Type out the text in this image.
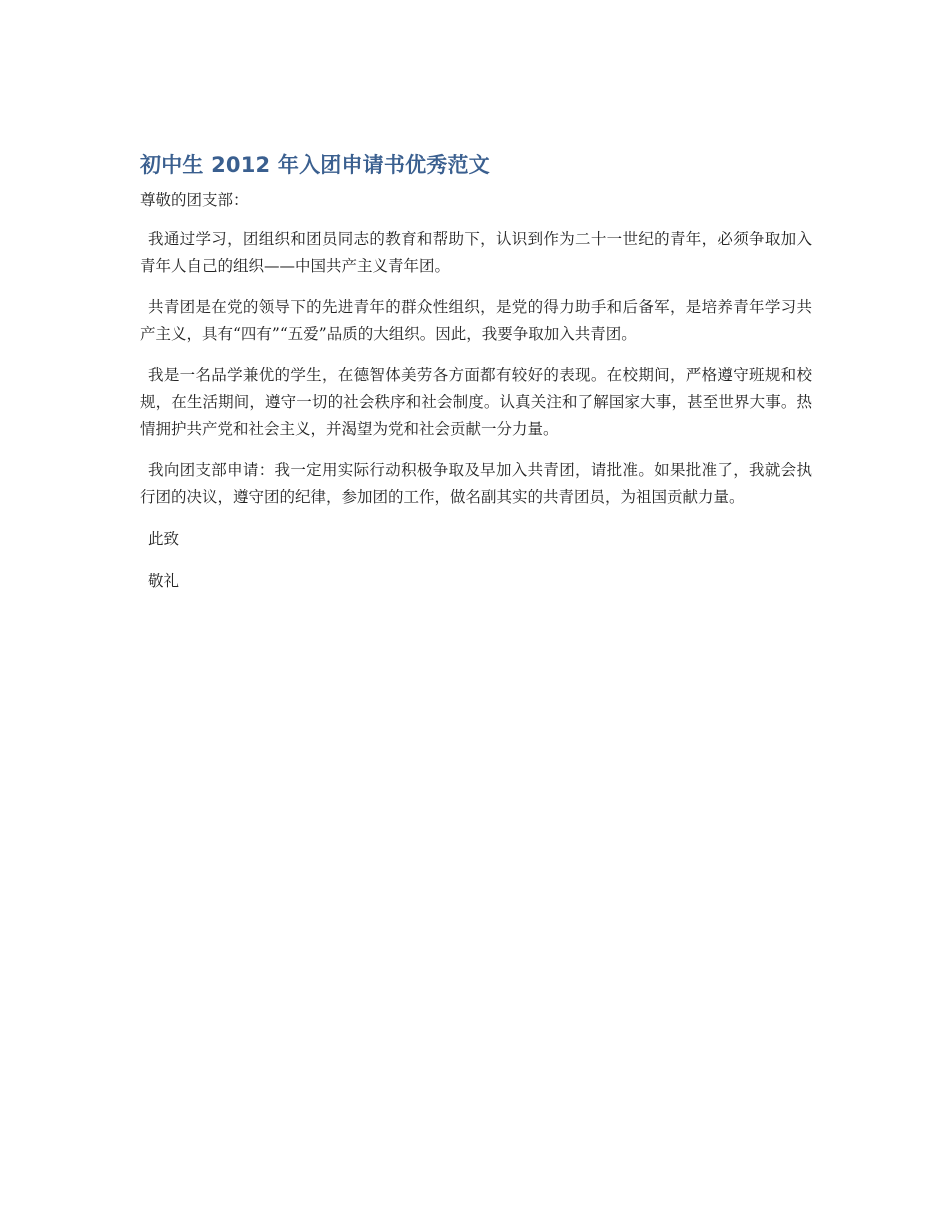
初中生 2012 年入团申请书优秀范文

尊敬的团支部：

我通过学习，团组织和团员同志的教育和帮助下，认识到作为二十一世纪的青年，必须争取加入青年人自己的组织——中国共产主义青年团。

共青团是在党的领导下的先进青年的群众性组织，是党的得力助手和后备军，是培养青年学习共产主义，具有“四有”“五爱”品质的大组织。因此，我要争取加入共青团。

我是一名品学兼优的学生，在德智体美劳各方面都有较好的表现。在校期间，严格遵守班规和校规，在生活期间，遵守一切的社会秩序和社会制度。认真关注和了解国家大事，甚至世界大事。热情拥护共产党和社会主义，并渴望为党和社会贡献一分力量。

我向团支部申请：我一定用实际行动积极争取及早加入共青团，请批准。如果批准了，我就会执行团的决议，遵守团的纪律，参加团的工作，做名副其实的共青团员，为祖国贡献力量。

此致

敬礼
